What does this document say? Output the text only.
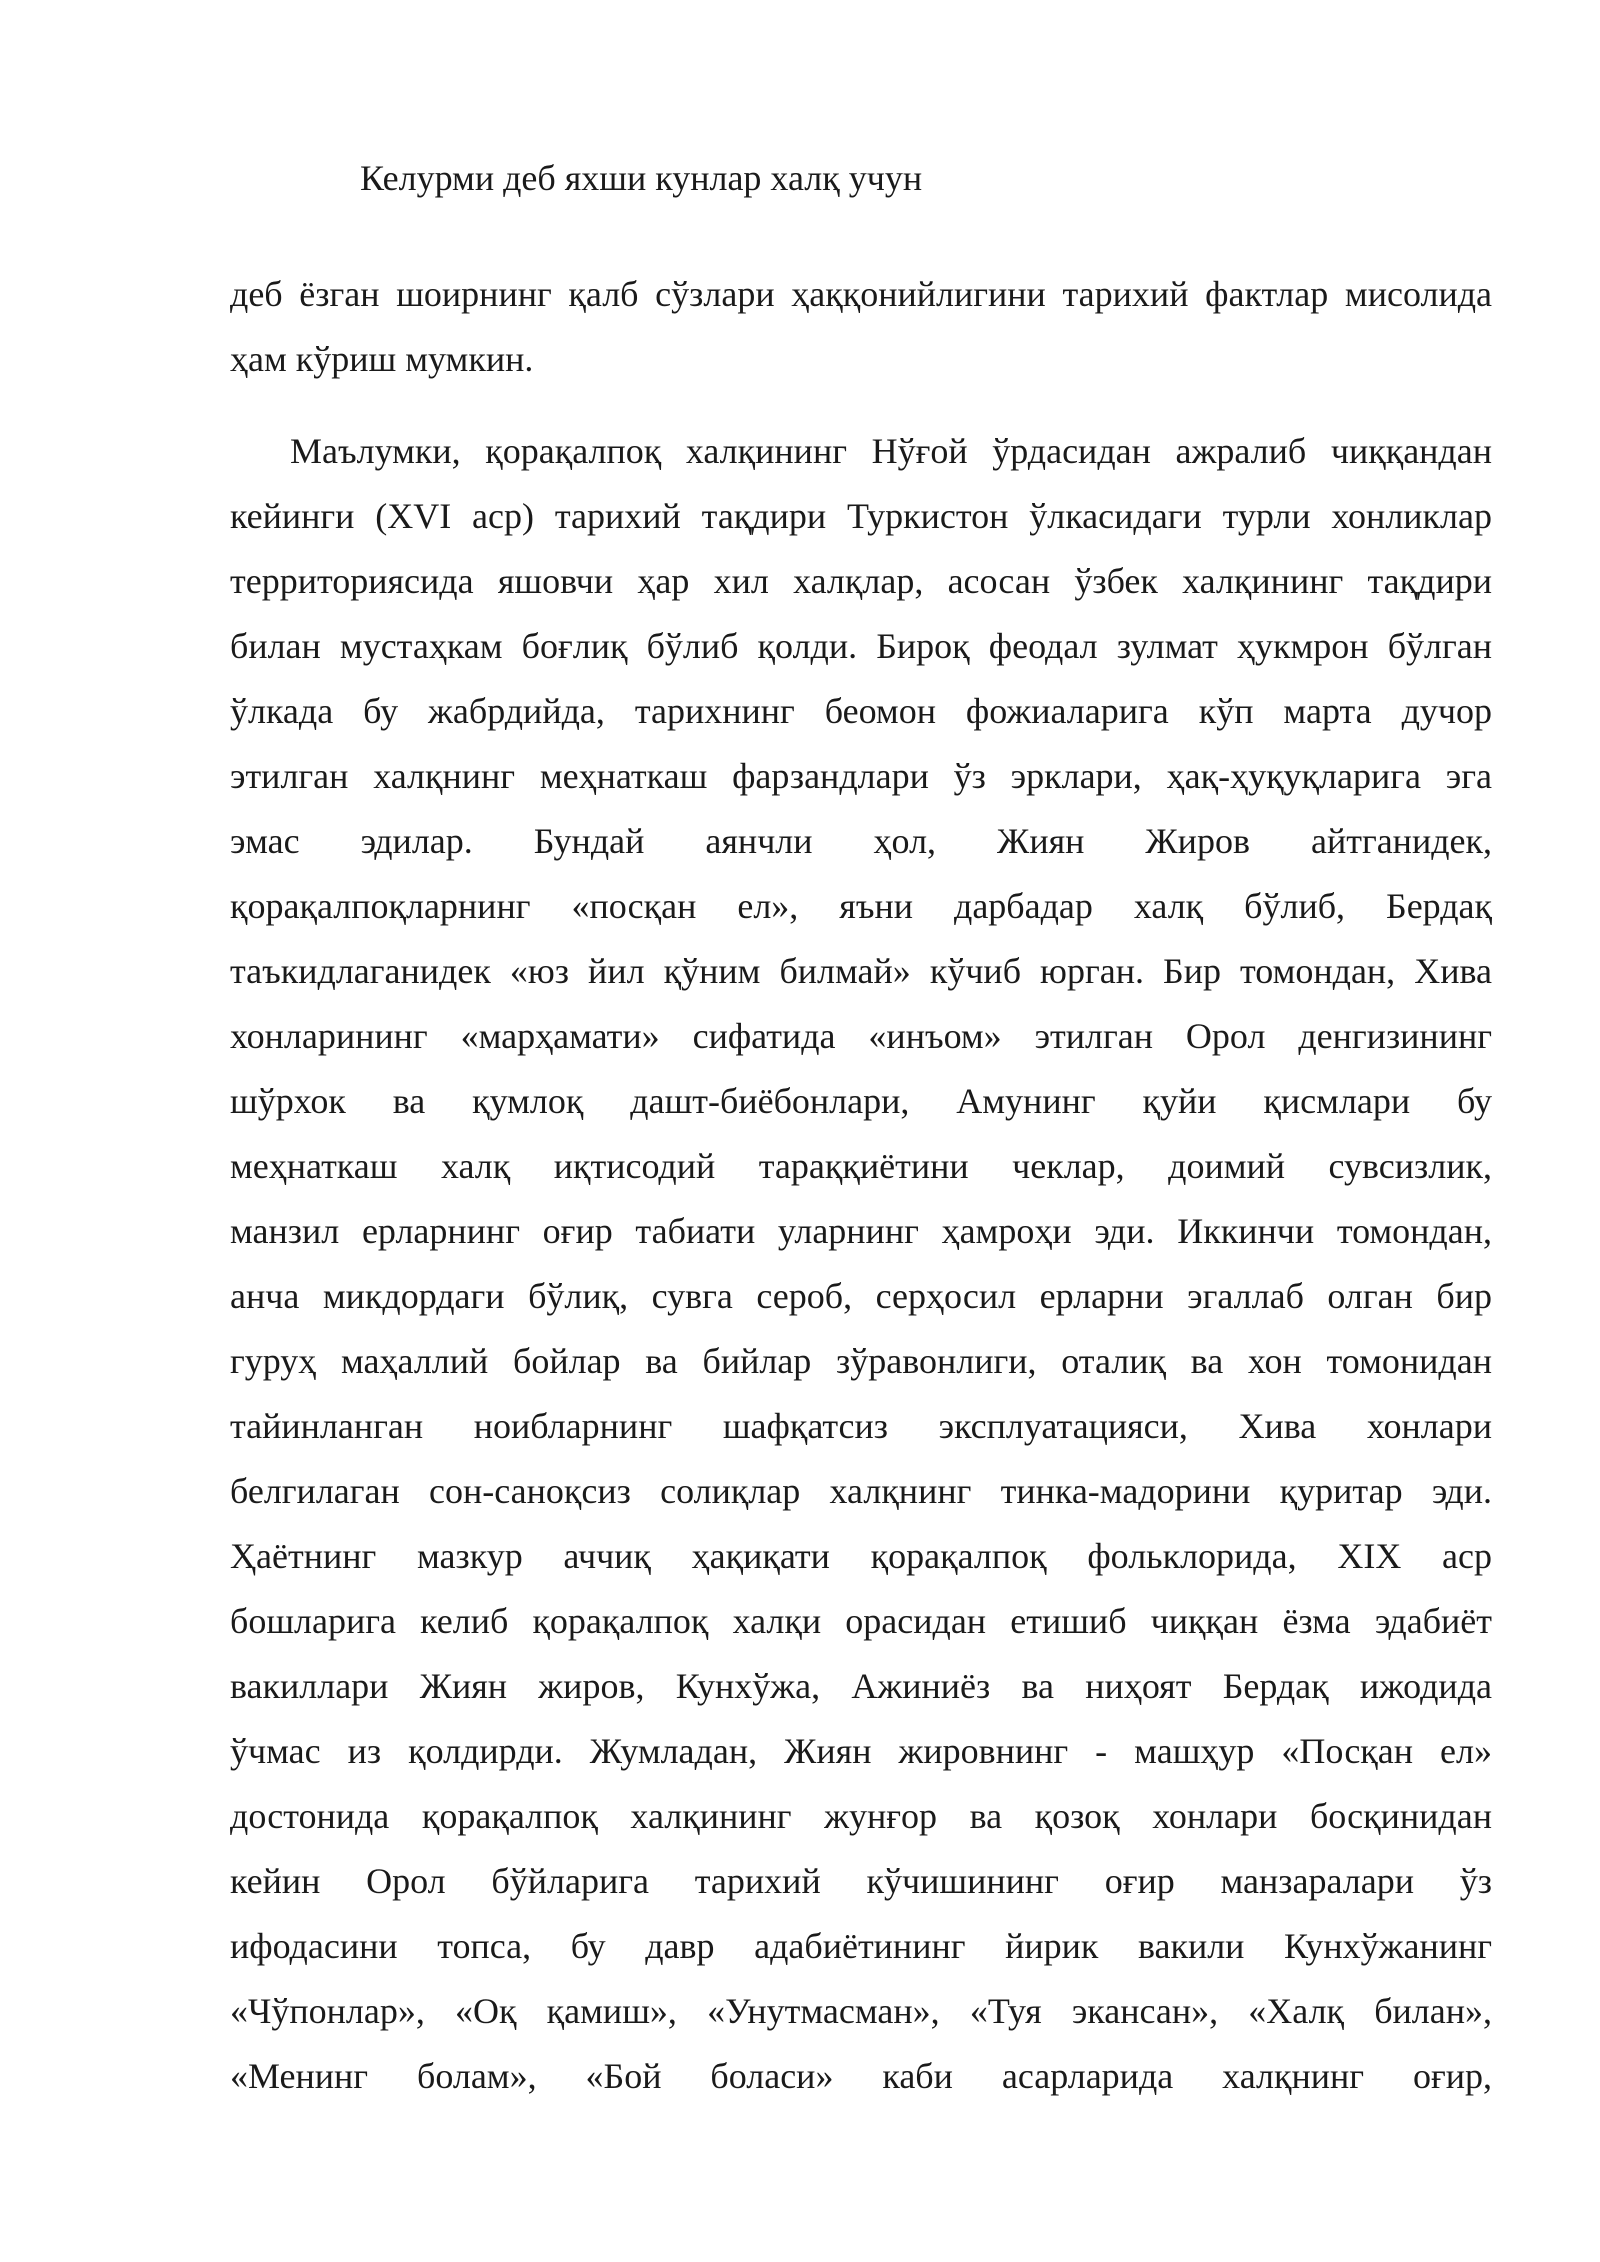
Келурми деб яхши кунлар халқ учун

деб ёзган шоирнинг қалб сўзлари ҳаққонийлигини тарихий фактлар мисолида

ҳам кўриш мумкин.

Маълумки, қорақалпоқ халқининг Нўғой ўрдасидан ажралиб чиққандан

кейинги (XVI аср) тарихий тақдири Туркистон ўлкасидаги турли хонликлар

территориясида яшовчи ҳар хил халқлар, асосан ўзбек халқининг тақдири

билан мустаҳкам боғлиқ бўлиб қолди. Бироқ феодал зулмат ҳукмрон бўлган

ўлкада бу жабрдийда, тарихнинг беомон фожиаларига кўп марта дучор

этилган халқнинг меҳнаткаш фарзандлари ўз эрклари, ҳақ-ҳуқуқларига эга

эмас эдилар. Бундай аянчли ҳол, Жиян Жиров айтганидек,

қорақалпоқларнинг «посқан ел», яъни дарбадар халқ бўлиб, Бердақ

таъкидлаганидек «юз йил қўним билмай» кўчиб юрган. Бир томондан, Хива

хонларининг «марҳамати» сифатида «инъом» этилган Орол денгизининг

шўрхок ва қумлоқ дашт-биёбонлари, Амунинг қуйи қисмлари бу

меҳнаткаш халқ иқтисодий тараққиётини чеклар, доимий сувсизлик,

манзил ерларнинг оғир табиати уларнинг ҳамроҳи эди. Иккинчи томондан,

анча микдордаги бўлиқ, сувга сероб, серҳосил ерларни эгаллаб олган бир

гуруҳ маҳаллий бойлар ва бийлар зўравонлиги, оталиқ ва хон томонидан

тайинланган ноибларнинг шафқатсиз эксплуатацияси, Хива хонлари

белгилаган сон-саноқсиз солиқлар халқнинг тинка-мадорини қуритар эди.

Ҳаётнинг мазкур аччиқ ҳақиқати қорақалпоқ фольклорида, XIX аср

бошларига келиб қорақалпоқ халқи орасидан етишиб чиққан ёзма эдабиёт

вакиллари Жиян жиров, Кунхўжа, Ажиниёз ва ниҳоят Бердақ ижодида

ўчмас из қолдирди. Жумладан, Жиян жировнинг - машҳур «Посқан ел»

достонида қорақалпоқ халқининг жунғор ва қозоқ хонлари босқинидан

кейин Орол бўйларига тарихий кўчишининг оғир манзаралари ўз

ифодасини топса, бу давр адабиётининг йирик вакили Кунхўжанинг

«Чўпонлар», «Оқ қамиш», «Унутмасман», «Туя экансан», «Халқ билан»,

«Менинг болам», «Бой боласи» каби асарларида халқнинг оғир,
